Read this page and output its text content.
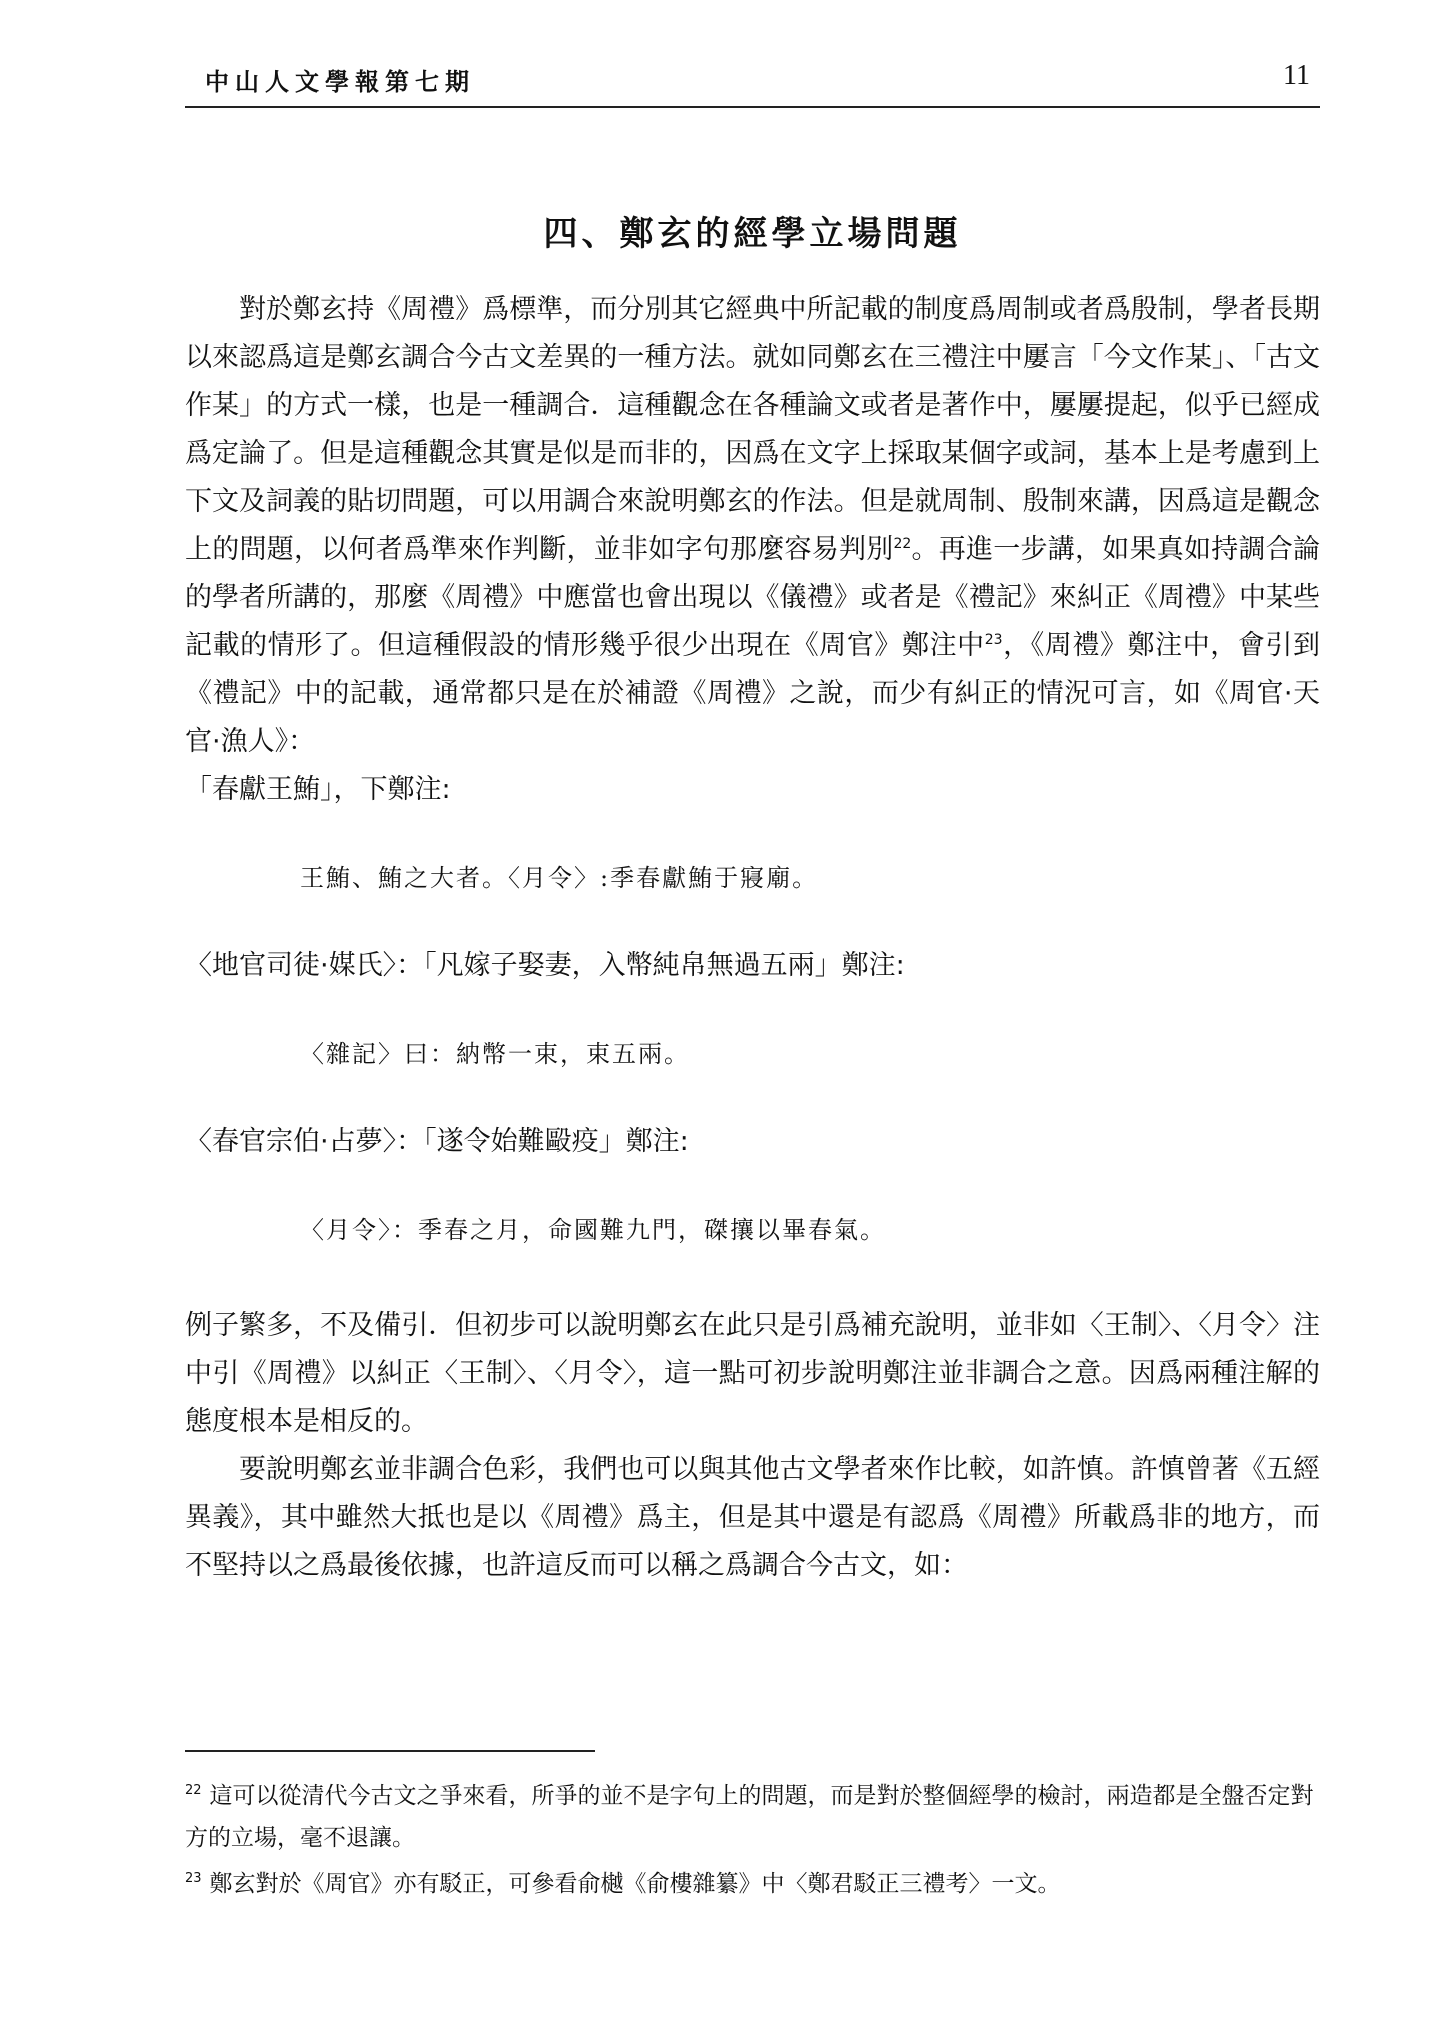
中山人文學報第七期	11
四、鄭玄的經學立場問題

對於鄭玄持《周禮》爲標準，而分別其它經典中所記載的制度爲周制或者爲殷制，學者長期以來認爲這是鄭玄調合今古文差異的一種方法。就如同鄭玄在三禮注中屢言「今文作某」、「古文作某」的方式一樣，也是一種調合．這種觀念在各種論文或者是著作中，屢屢提起，似乎已經成爲定論了。但是這種觀念其實是似是而非的，因爲在文字上採取某個字或詞，基本上是考慮到上下文及詞義的貼切問題，可以用調合來說明鄭玄的作法。但是就周制、殷制來講，因爲這是觀念上的問題，以何者爲準來作判斷，並非如字句那麼容易判別$^{22}$。再進一步講，如果真如持調合論的學者所講的，那麼《周禮》中應當也會出現以《儀禮》或者是《禮記》來糾正《周禮》中某些記載的情形了。但這種假設的情形幾乎很少出現在《周官》鄭注中$^{23}$，《周禮》鄭注中，會引到《禮記》中的記載，通常都只是在於補證《周禮》之說，而少有糾正的情況可言，如《周官·天官·漁人》：

「春獻王鮪」，下鄭注:

王鮪、鮪之大者。〈月令〉:季春獻鮪于寢廟。

〈地官司徒·媒氏〉：「凡嫁子娶妻，入幣純帛無過五兩」鄭注:

〈雜記〉曰：納幣一束，束五兩。

〈春官宗伯·占夢〉：「遂令始難毆疫」鄭注:

〈月令〉：季春之月，命國難九門，磔攘以畢春氣。

例子繁多，不及備引．但初步可以說明鄭玄在此只是引爲補充說明，並非如〈王制〉、〈月令〉注中引《周禮》以糾正〈王制〉、〈月令〉，這一點可初步說明鄭注並非調合之意。因爲兩種注解的態度根本是相反的。

要說明鄭玄並非調合色彩，我們也可以與其他古文學者來作比較，如許慎。許慎曾著《五經異義》，其中雖然大抵也是以《周禮》爲主，但是其中還是有認爲《周禮》所載爲非的地方，而不堅持以之爲最後依據，也許這反而可以稱之爲調合今古文，如：

$^{22}$ 這可以從清代今古文之爭來看，所爭的並不是字句上的問題，而是對於整個經學的檢討，兩造都是全盤否定對方的立場，毫不退讓。

$^{23}$ 鄭玄對於《周官》亦有駁正，可參看俞樾《俞樓雜纂》中〈鄭君駁正三禮考〉一文。
